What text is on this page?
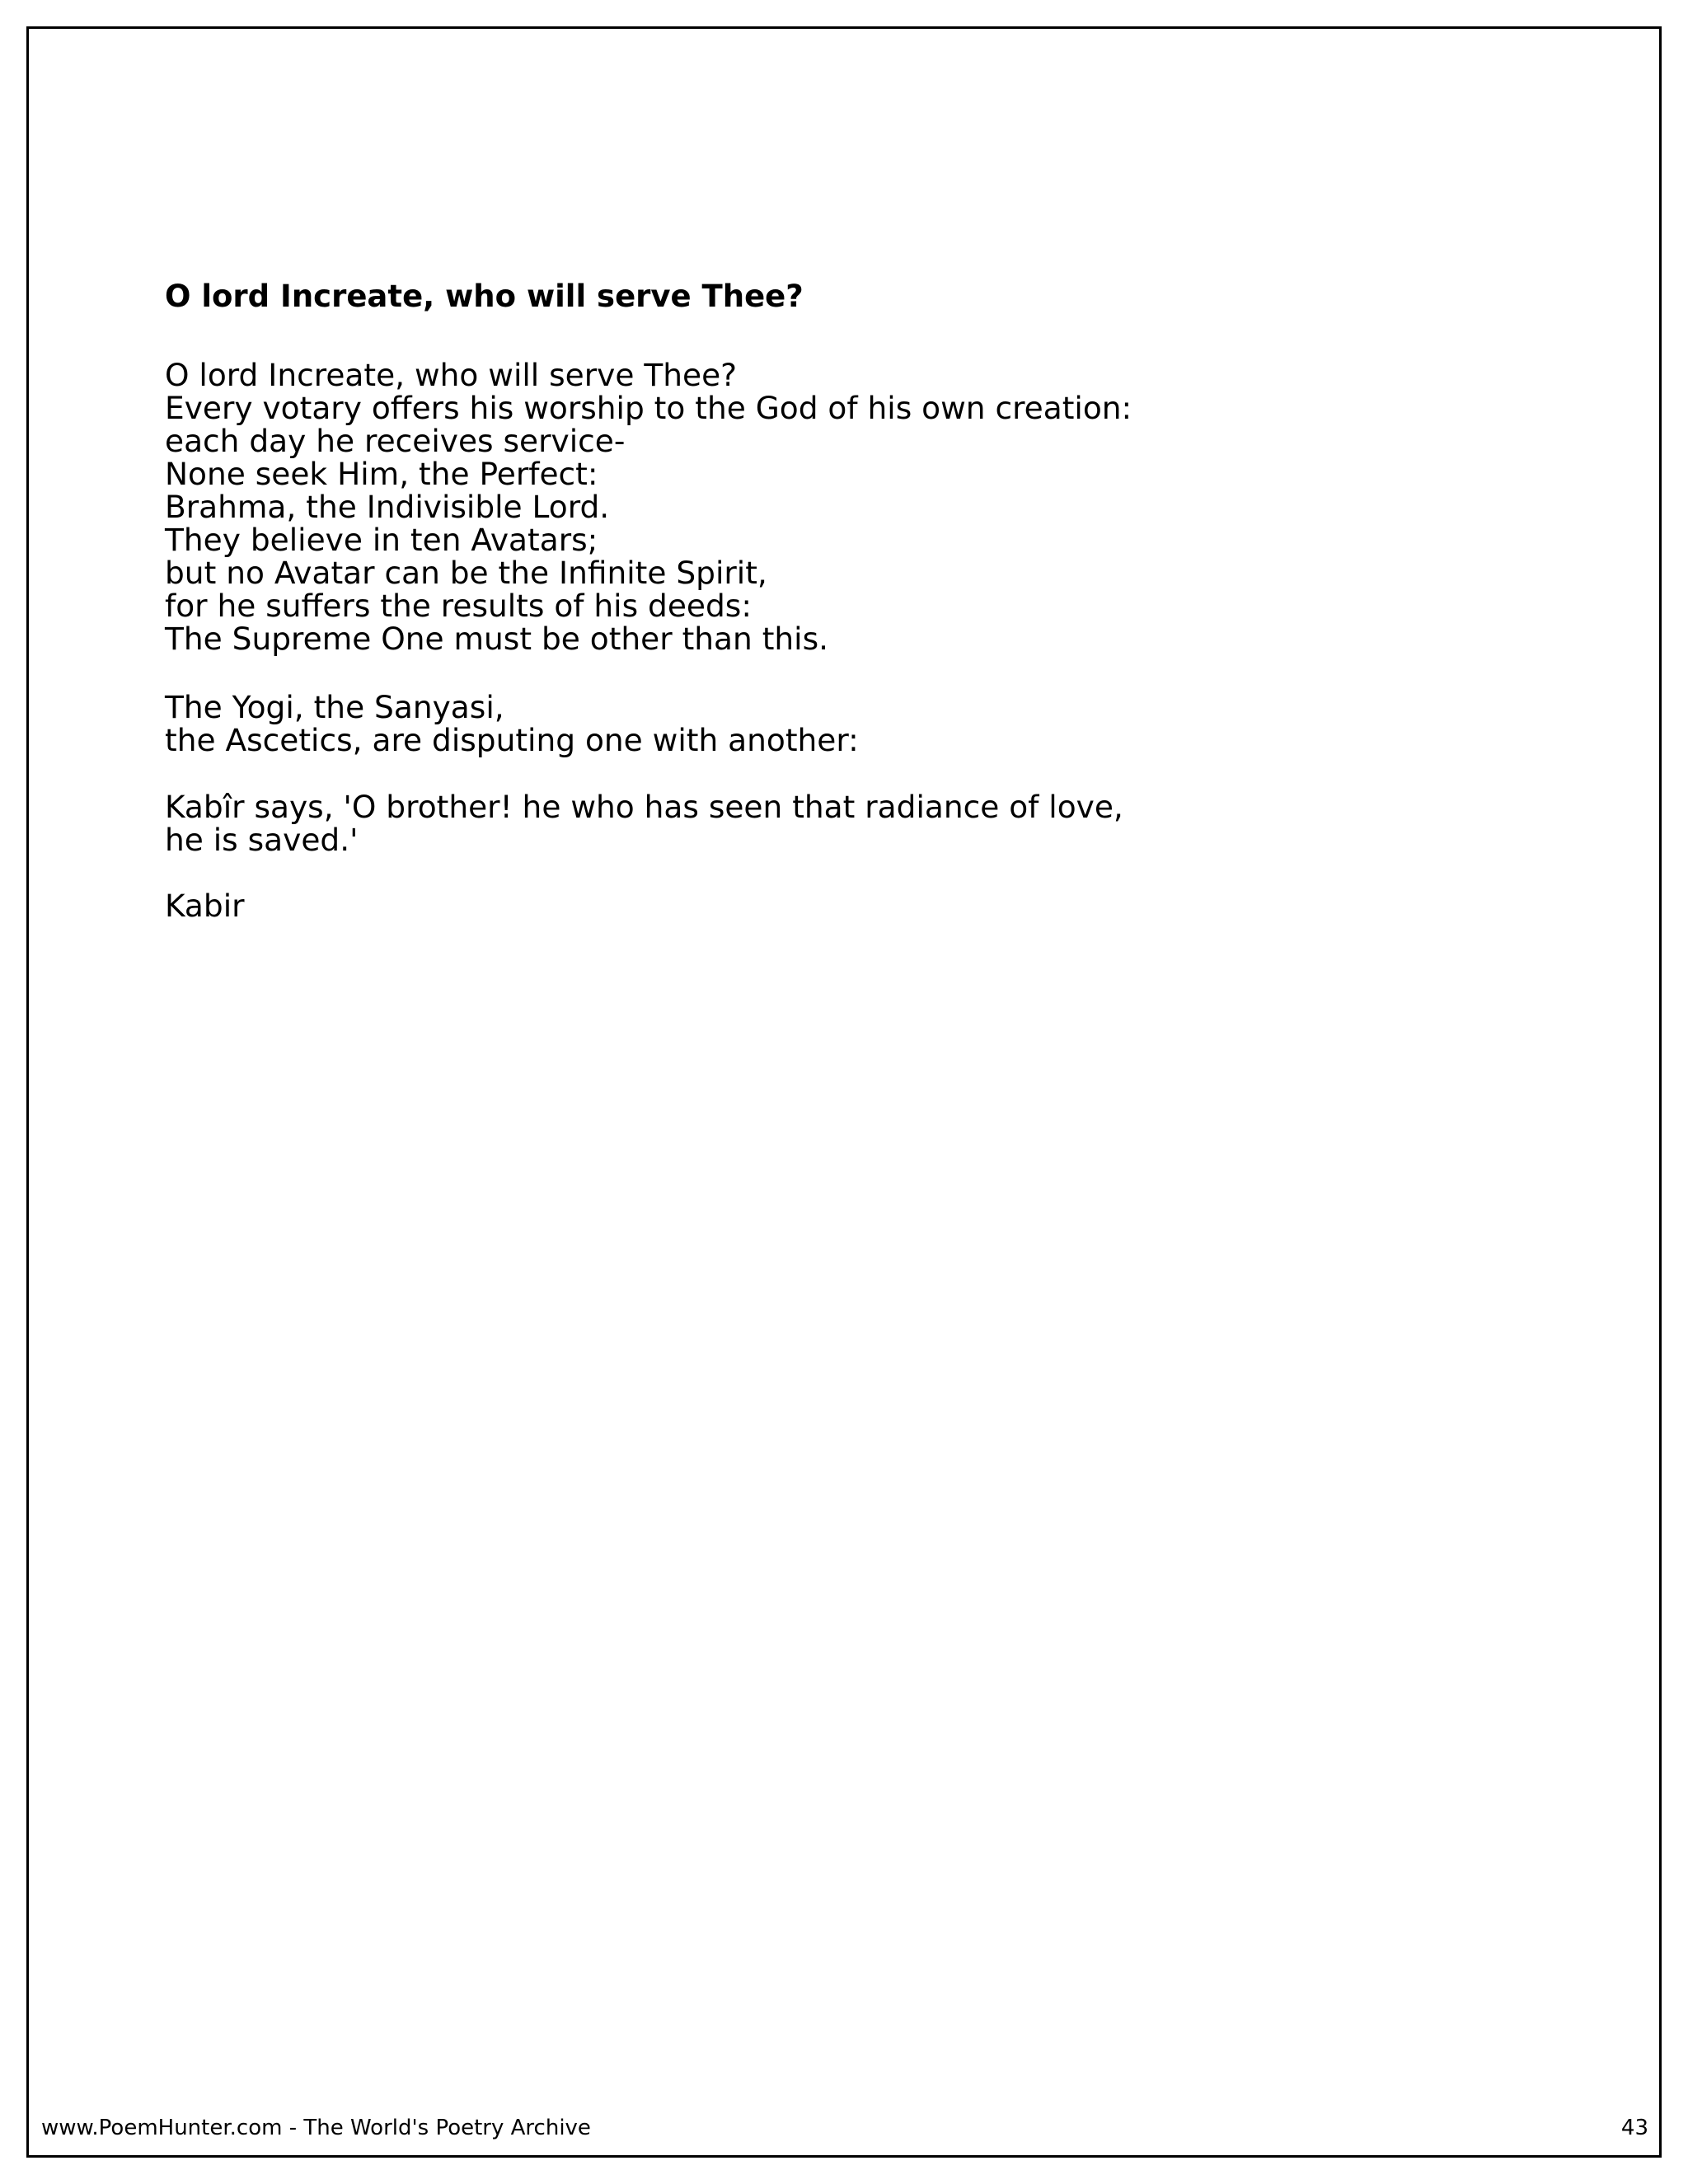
O lord Increate, who will serve Thee?
O lord Increate, who will serve Thee?
Every votary offers his worship to the God of his own creation:
each day he receives service-
None seek Him, the Perfect:
Brahma, the Indivisible Lord.
They believe in ten Avatars;
but no Avatar can be the Infinite Spirit,
for he suffers the results of his deeds:
The Supreme One must be other than this.
The Yogi, the Sanyasi,
the Ascetics, are disputing one with another:
Kabîr says, 'O brother! he who has seen that radiance of love,
he is saved.'

Kabir

www.PoemHunter.com - The World's Poetry Archive	43
